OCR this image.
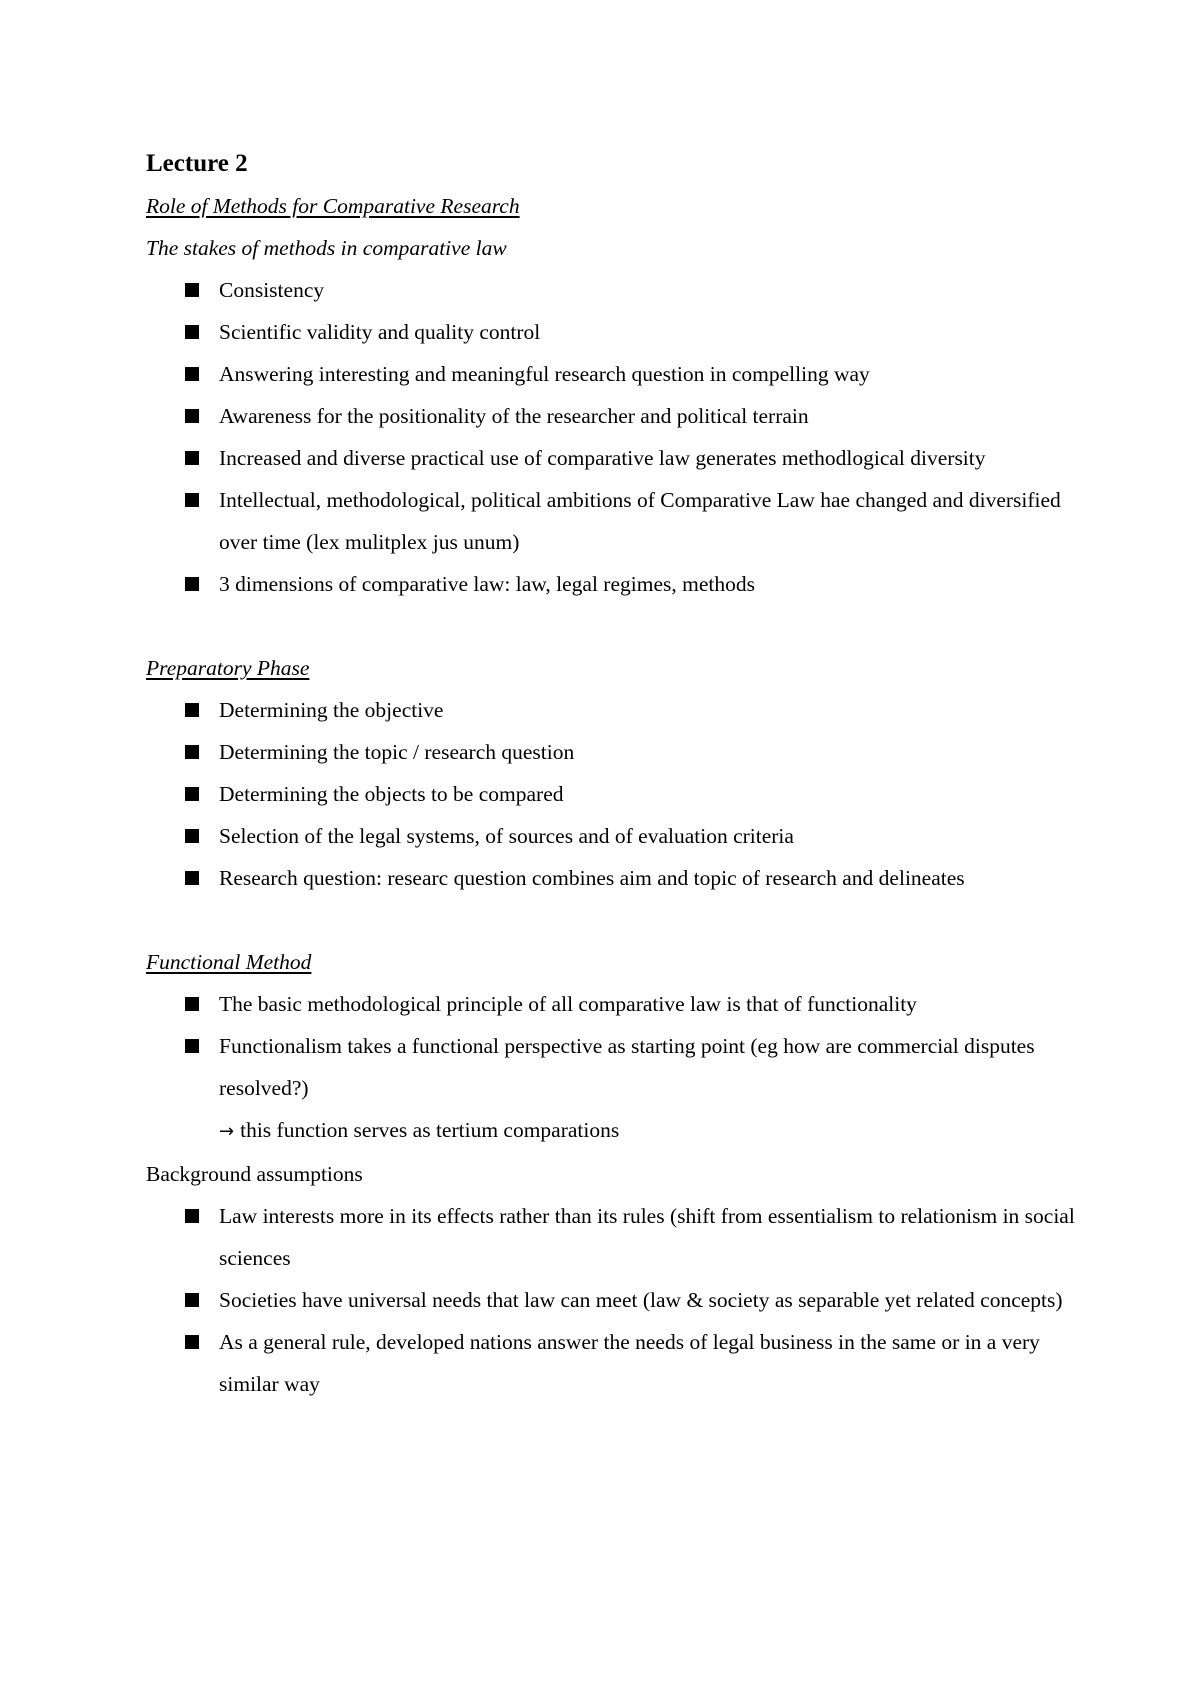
Lecture 2

Role of Methods for Comparative Research

The stakes of methods in comparative law

Consistency
Scientific validity and quality control
Answering interesting and meaningful research question in compelling way
Awareness for the positionality of the researcher and political terrain
Increased and diverse practical use of comparative law generates methodlogical diversity
Intellectual, methodological, political ambitions of Comparative Law hae changed and diversified over time (lex mulitplex jus unum)
3 dimensions of comparative law: law, legal regimes, methods

Preparatory Phase

Determining the objective
Determining the topic / research question
Determining the objects to be compared
Selection of the legal systems, of sources and of evaluation criteria
Research question: researc question combines aim and topic of research and delineates

Functional Method

The basic methodological principle of all comparative law is that of functionality
Functionalism takes a functional perspective as starting point (eg how are commercial disputes resolved?)

→ this function serves as tertium comparations

Background assumptions

Law interests more in its effects rather than its rules (shift from essentialism to relationism in social sciences
Societies have universal needs that law can meet (law & society as separable yet related concepts)
As a general rule, developed nations answer the needs of legal business in the same or in a very similar way
